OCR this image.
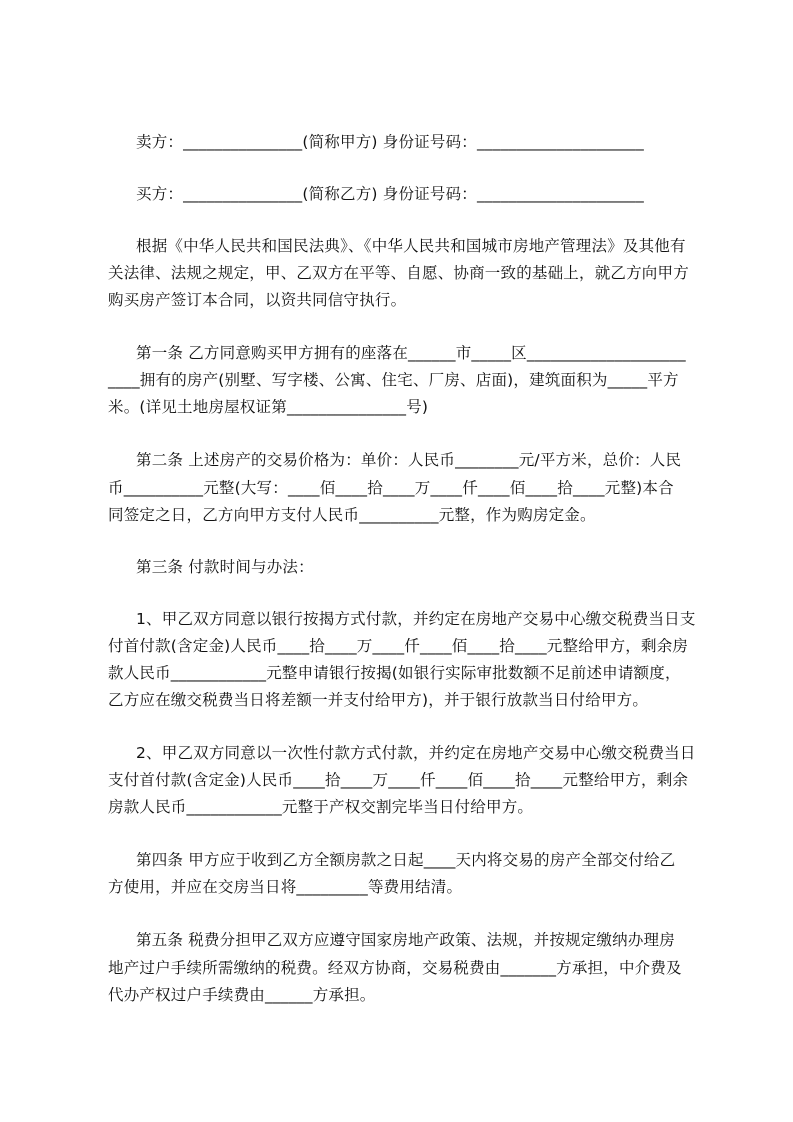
卖方：_______________(简称甲方) 身份证号码：_____________________
买方：_______________(简称乙方) 身份证号码：_____________________
根据《中华人民共和国民法典》、《中华人民共和国城市房地产管理法》及其他有
关法律、法规之规定，甲、乙双方在平等、自愿、协商一致的基础上，就乙方向甲方
购买房产签订本合同，以资共同信守执行。
第一条 乙方同意购买甲方拥有的座落在______市_____区____________________
____拥有的房产(别墅、写字楼、公寓、住宅、厂房、店面)，建筑面积为_____平方
米。(详见土地房屋权证第_______________号)
第二条 上述房产的交易价格为：单价：人民币________元/平方米，总价：人民
币__________元整(大写：____佰____拾____万____仟____佰____拾____元整)本合
同签定之日，乙方向甲方支付人民币__________元整，作为购房定金。
第三条 付款时间与办法：
1、甲乙双方同意以银行按揭方式付款，并约定在房地产交易中心缴交税费当日支
付首付款(含定金)人民币____拾____万____仟____佰____拾____元整给甲方，剩余房
款人民币____________元整申请银行按揭(如银行实际审批数额不足前述申请额度，
乙方应在缴交税费当日将差额一并支付给甲方)，并于银行放款当日付给甲方。
2、甲乙双方同意以一次性付款方式付款，并约定在房地产交易中心缴交税费当日
支付首付款(含定金)人民币____拾____万____仟____佰____拾____元整给甲方，剩余
房款人民币____________元整于产权交割完毕当日付给甲方。
第四条 甲方应于收到乙方全额房款之日起____天内将交易的房产全部交付给乙
方使用，并应在交房当日将_________等费用结清。
第五条 税费分担甲乙双方应遵守国家房地产政策、法规，并按规定缴纳办理房
地产过户手续所需缴纳的税费。经双方协商，交易税费由_______方承担，中介费及
代办产权过户手续费由______方承担。
